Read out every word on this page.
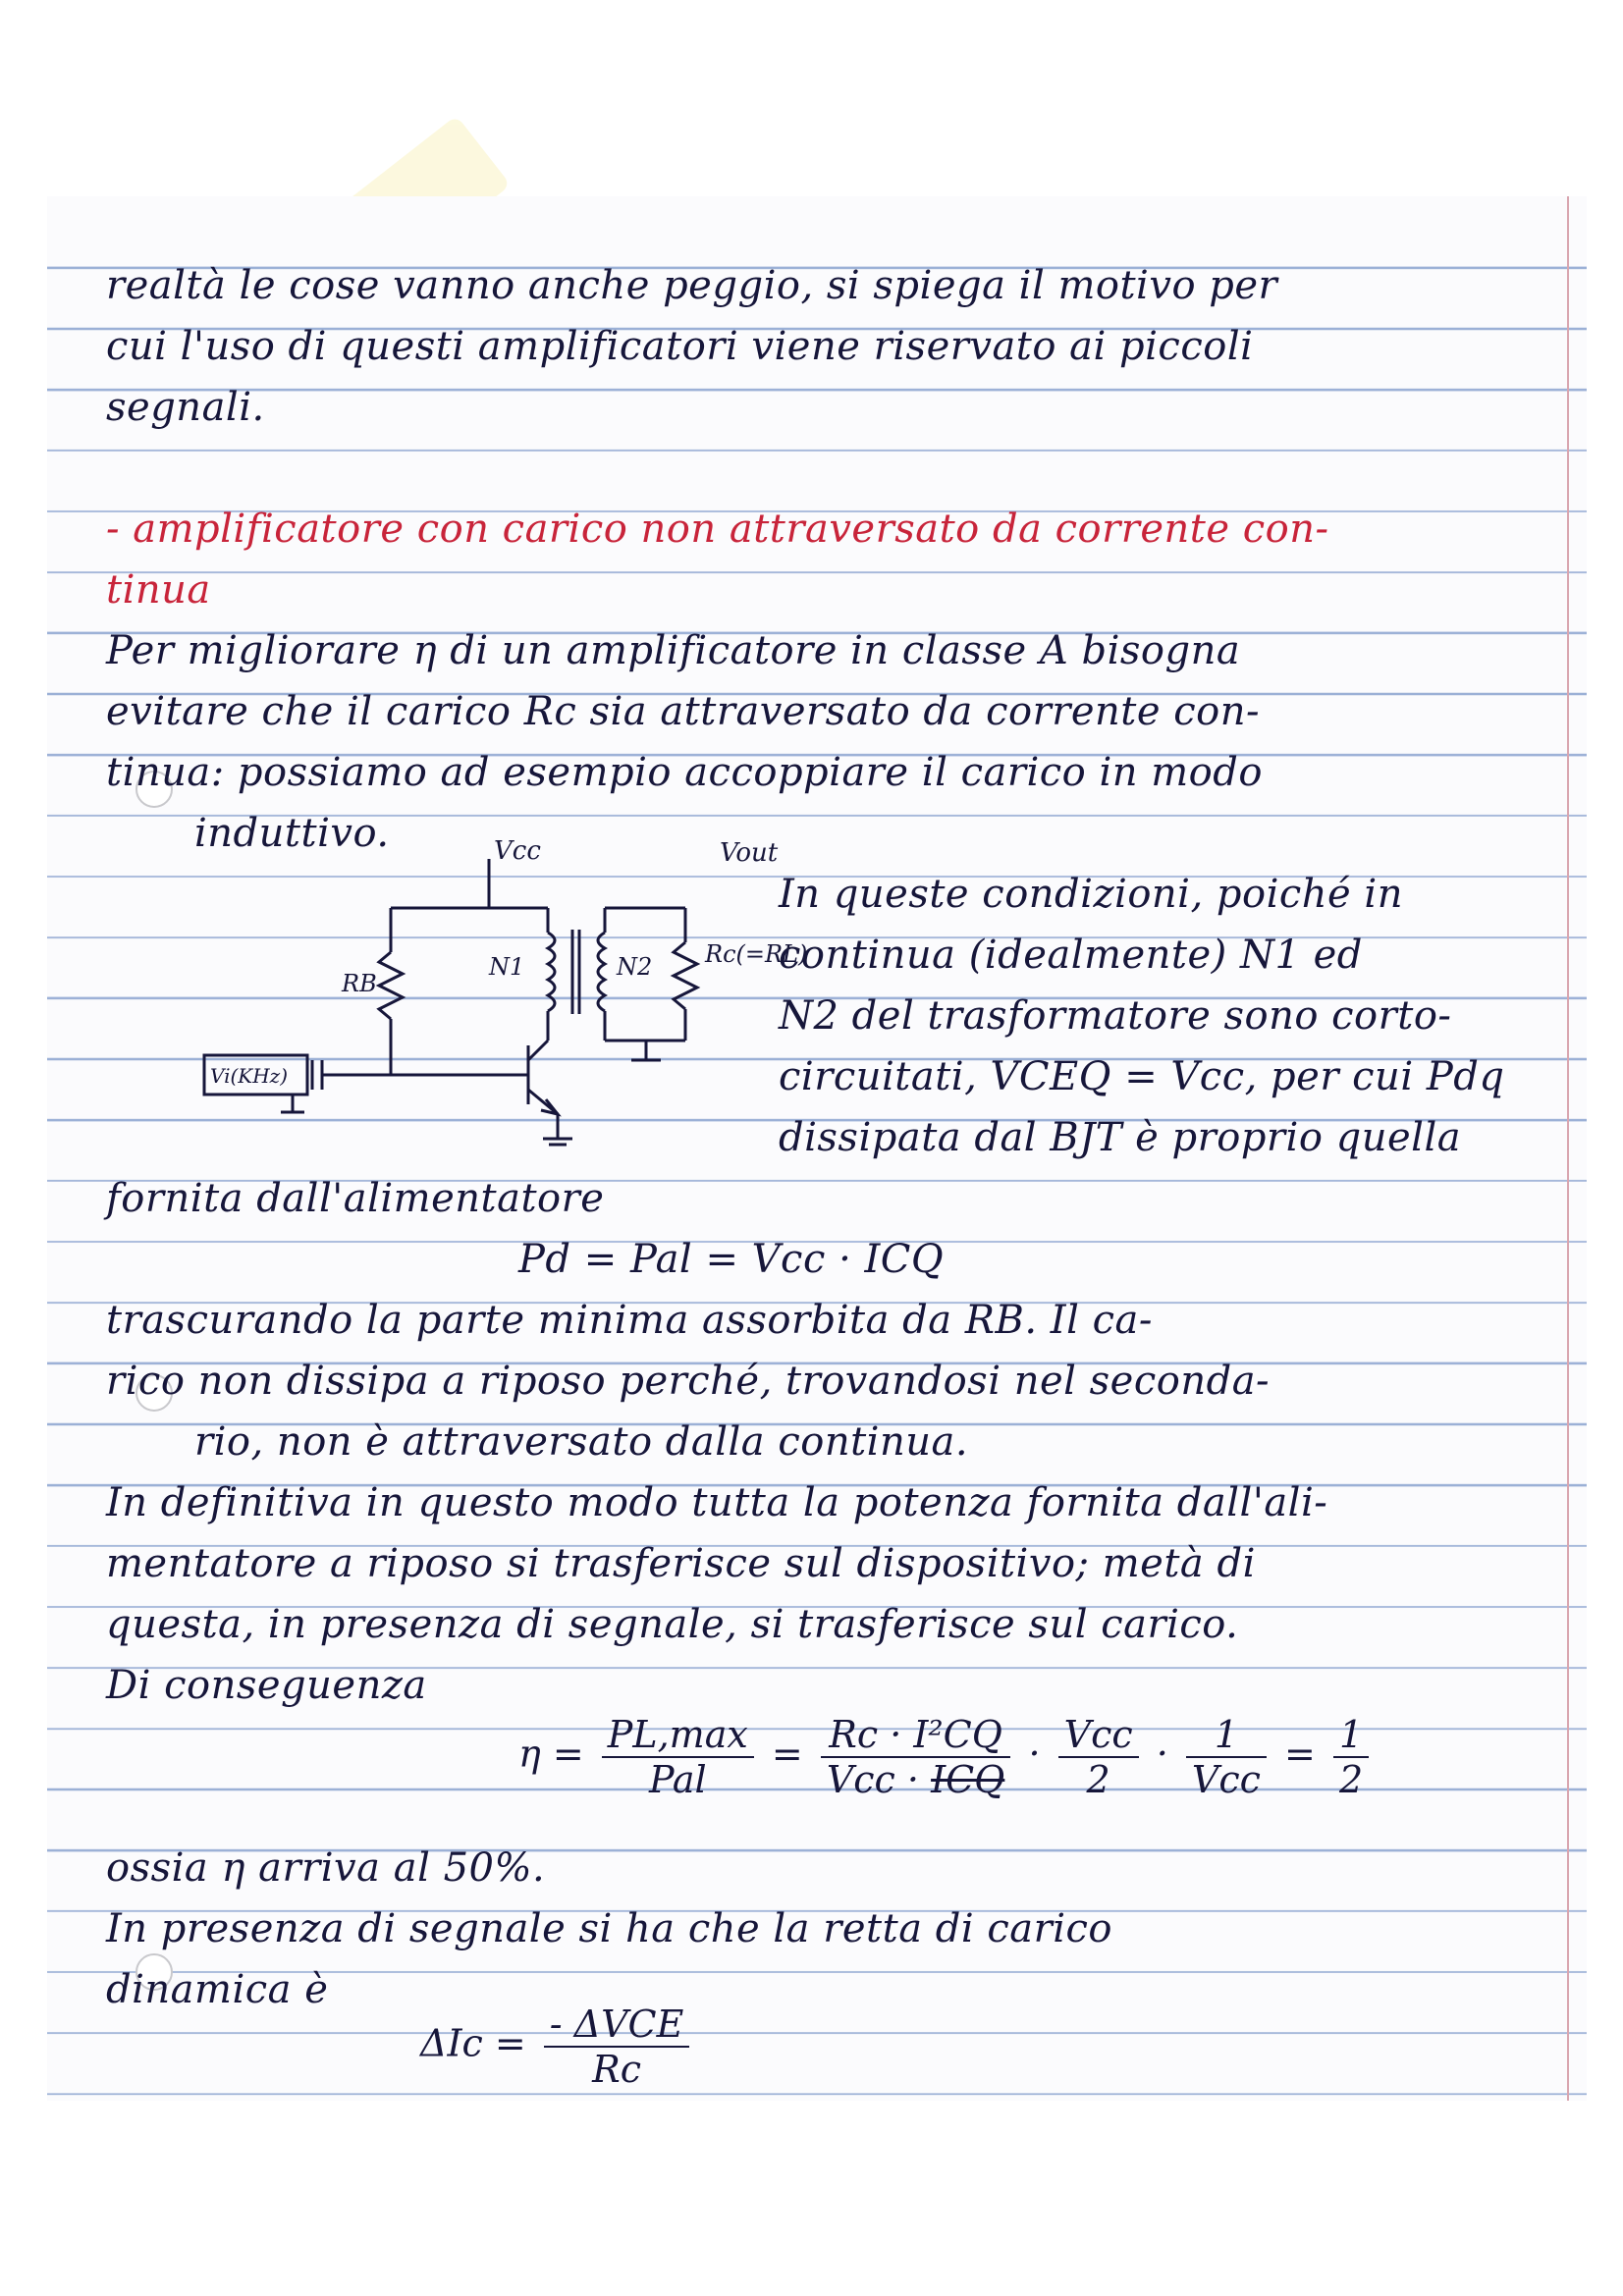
realtà le cose vanno anche peggio, si spiega il motivo per
cui l'uso di questi amplificatori viene riservato ai piccoli
segnali.
- amplificatore con carico non attraversato da corrente con-
tinua
Per migliorare η di un amplificatore in classe A bisogna
evitare che il carico Rc sia attraversato da corrente con-
tinua: possiamo ad esempio accoppiare il carico in modo
induttivo.
In queste condizioni, poiché in
continua (idealmente) N1 ed
N2 del trasformatore sono corto-
circuitati, VCEQ = Vcc, per cui Pdq
dissipata dal BJT è proprio quella
fornita dall'alimentatore
Pd = Pal = Vcc · ICQ
trascurando la parte minima assorbita da RB. Il ca-
rico non dissipa a riposo perché, trovandosi nel seconda-
rio, non è attraversato dalla continua.
In definitiva in questo modo tutta la potenza fornita dall'ali-
mentatore a riposo si trasferisce sul dispositivo; metà di
questa, in presenza di segnale, si trasferisce sul carico.
Di conseguenza
$\eta = \frac{PL,\max}{\text{Pal}} = \frac{\text{Rc · I²CQ}}{\text{Vcc · ICQ}} \cdot \frac{\text{Vcc}}{2} \cdot \frac{1}{\text{Vcc}} = \frac{1}{2}$
ossia η arriva al 50%.
In presenza di segnale si ha che la retta di carico
dinamica è
$\Delta Ic = \frac{\text{- ΔVCE}}{Rc}$
Vcc	Vout
RB
N1	N2 Rc(=RL)
Vi(KHz)
